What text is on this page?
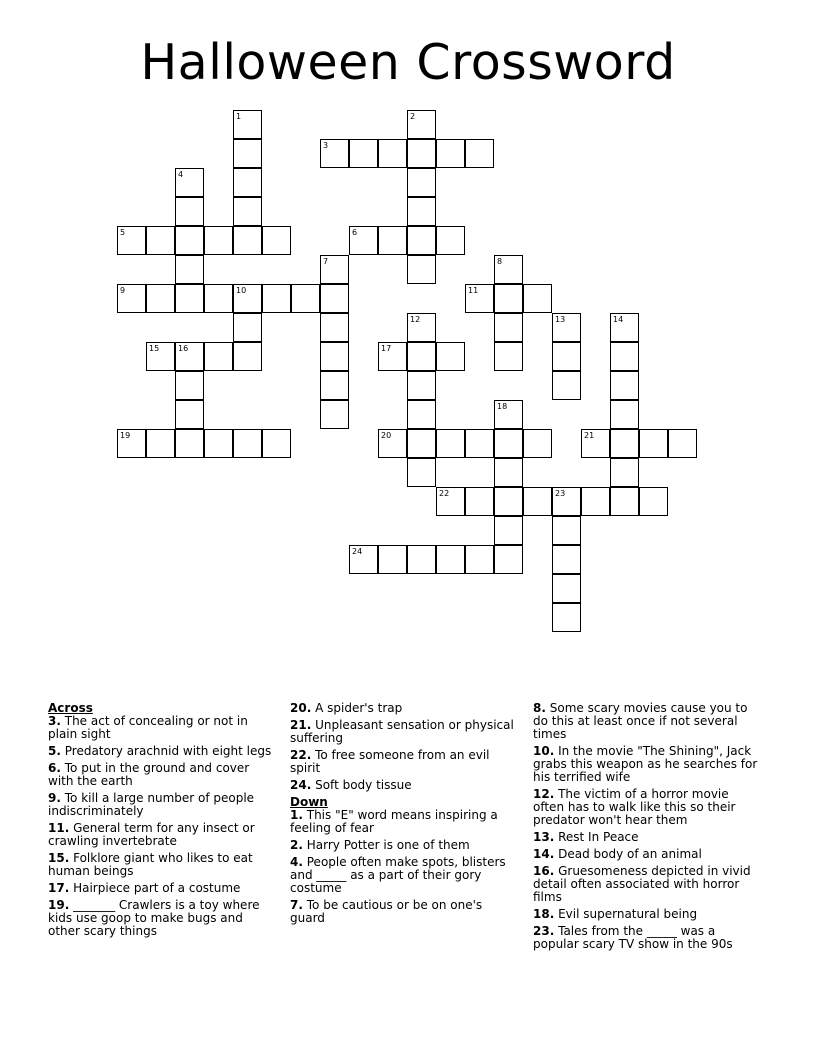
Halloween Crossword
1	2
3
4
5	6
7	8
9	10	11
12	13	14
15 16	17
18
19	20	21
22	23
24

Across

3. The act of concealing or not in plain sight

5. Predatory arachnid with eight legs

6. To put in the ground and cover with the earth

9. To kill a large number of people indiscriminately

11. General term for any insect or crawling invertebrate

15. Folklore giant who likes to eat human beings

17. Hairpiece part of a costume

19. _______ Crawlers is a toy where kids use goop to make bugs and other scary things

20. A spider's trap

21. Unpleasant sensation or physical suffering

22. To free someone from an evil spirit

24. Soft body tissue

Down

1. This "E" word means inspiring a feeling of fear

2. Harry Potter is one of them

4. People often make spots, blisters and _____ as a part of their gory costume

7. To be cautious or be on one's guard

8. Some scary movies cause you to do this at least once if not several times

10. In the movie "The Shining", Jack grabs this weapon as he searches for his terrified wife

12. The victim of a horror movie often has to walk like this so their predator won't hear them

13. Rest In Peace

14. Dead body of an animal

16. Gruesomeness depicted in vivid detail often associated with horror films

18. Evil supernatural being

23. Tales from the _____ was a popular scary TV show in the 90s
